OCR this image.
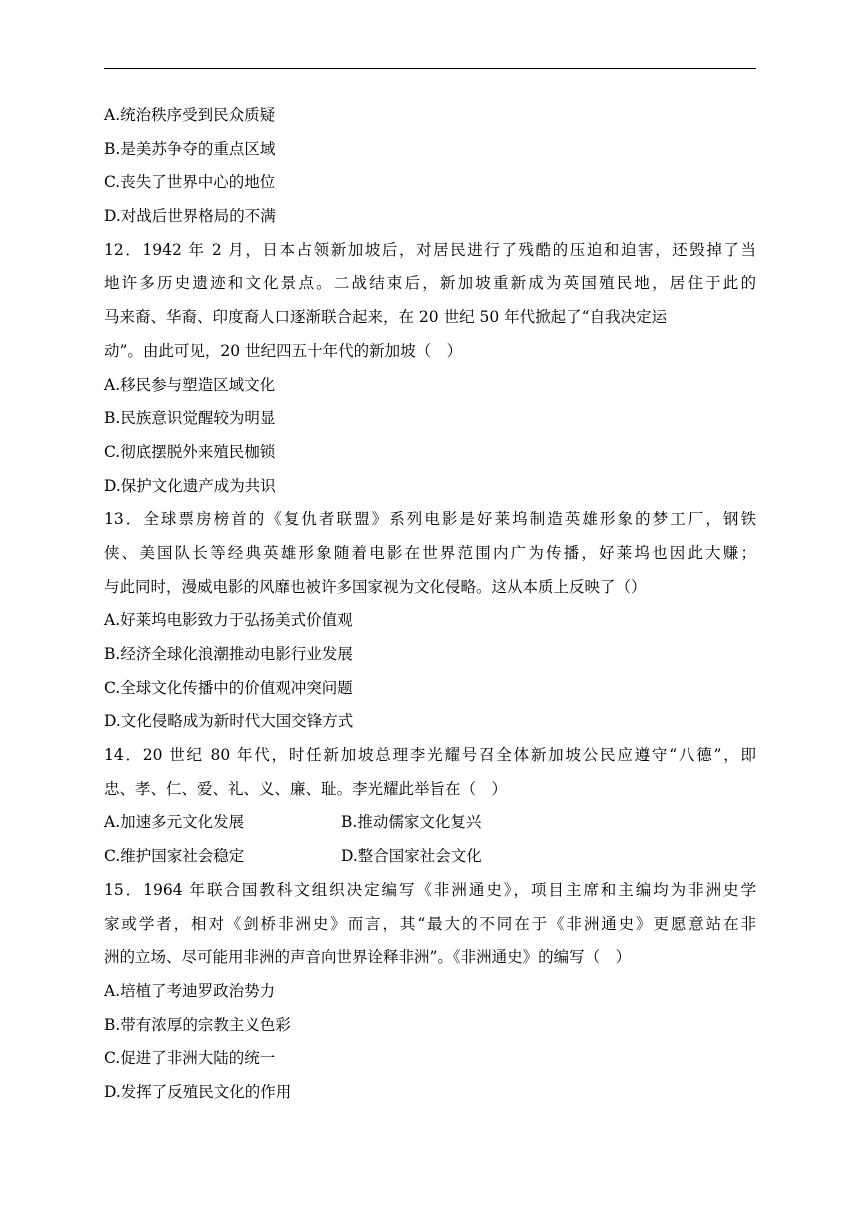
A.统治秩序受到民众质疑
B.是美苏争夺的重点区域
C.丧失了世界中心的地位
D.对战后世界格局的不满
12．1942 年 2 月，日本占领新加坡后，对居民进行了残酷的压迫和迫害，还毁掉了当
地许多历史遗迹和文化景点。二战结束后，新加坡重新成为英国殖民地，居住于此的
马来裔、华裔、印度裔人口逐渐联合起来，在 20 世纪 50 年代掀起了“自我决定运
动”。由此可见，20 世纪四五十年代的新加坡（　）
A.移民参与塑造区域文化
B.民族意识觉醒较为明显
C.彻底摆脱外来殖民枷锁
D.保护文化遗产成为共识
13．全球票房榜首的《复仇者联盟》系列电影是好莱坞制造英雄形象的梦工厂，钢铁
侠、美国队长等经典英雄形象随着电影在世界范围内广为传播，好莱坞也因此大赚；
与此同时，漫威电影的风靡也被许多国家视为文化侵略。这从本质上反映了（）
A.好莱坞电影致力于弘扬美式价值观
B.经济全球化浪潮推动电影行业发展
C.全球文化传播中的价值观冲突问题
D.文化侵略成为新时代大国交锋方式
14．20 世纪 80 年代，时任新加坡总理李光耀号召全体新加坡公民应遵守“八德”，即
忠、孝、仁、爱、礼、义、廉、耻。李光耀此举旨在（　）
A.加速多元文化发展	B.推动儒家文化复兴
C.维护国家社会稳定	D.整合国家社会文化
15．1964 年联合国教科文组织决定编写《非洲通史》，项目主席和主编均为非洲史学
家或学者，相对《剑桥非洲史》而言，其“最大的不同在于《非洲通史》更愿意站在非
洲的立场、尽可能用非洲的声音向世界诠释非洲”。《非洲通史》的编写（　）
A.培植了考迪罗政治势力
B.带有浓厚的宗教主义色彩
C.促进了非洲大陆的统一
D.发挥了反殖民文化的作用
